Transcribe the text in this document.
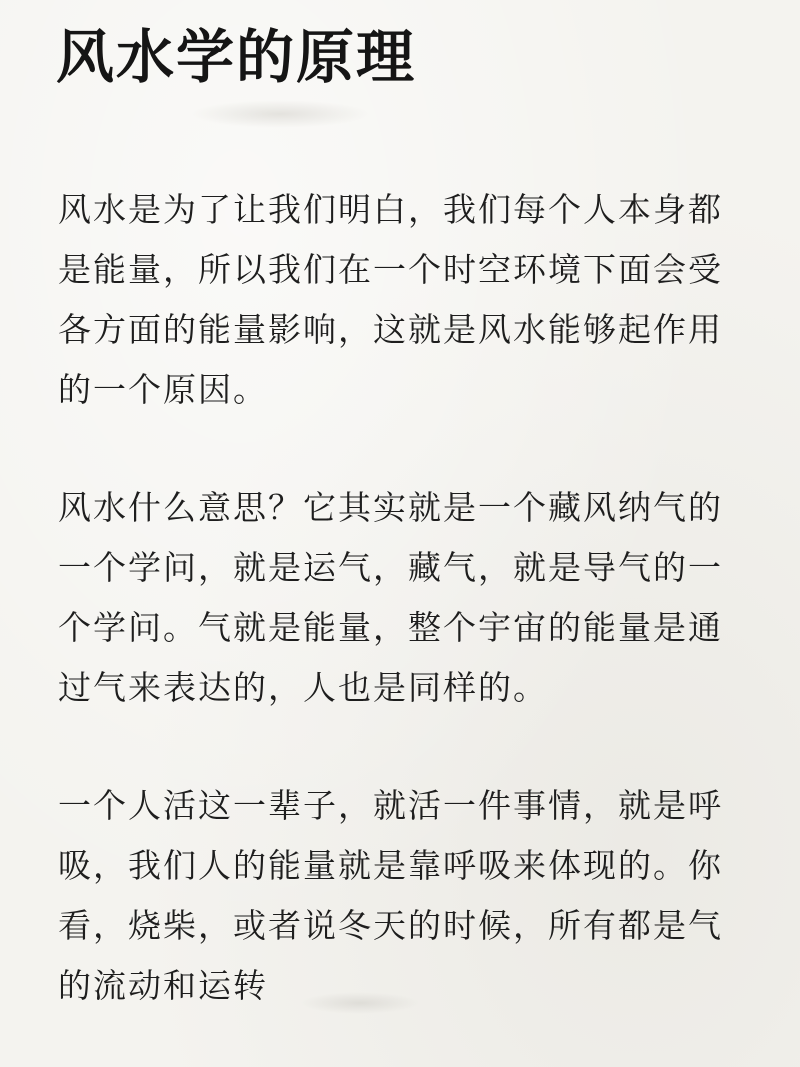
风水学的原理

风水是为了让我们明白，我们每个人本身都是能量，所以我们在一个时空环境下面会受各方面的能量影响，这就是风水能够起作用的一个原因。

风水什么意思？它其实就是一个藏风纳气的一个学问，就是运气，藏气，就是导气的一个学问。气就是能量，整个宇宙的能量是通过气来表达的，人也是同样的。

一个人活这一辈子，就活一件事情，就是呼吸，我们人的能量就是靠呼吸来体现的。你看，烧柴，或者说冬天的时候，所有都是气的流动和运转
